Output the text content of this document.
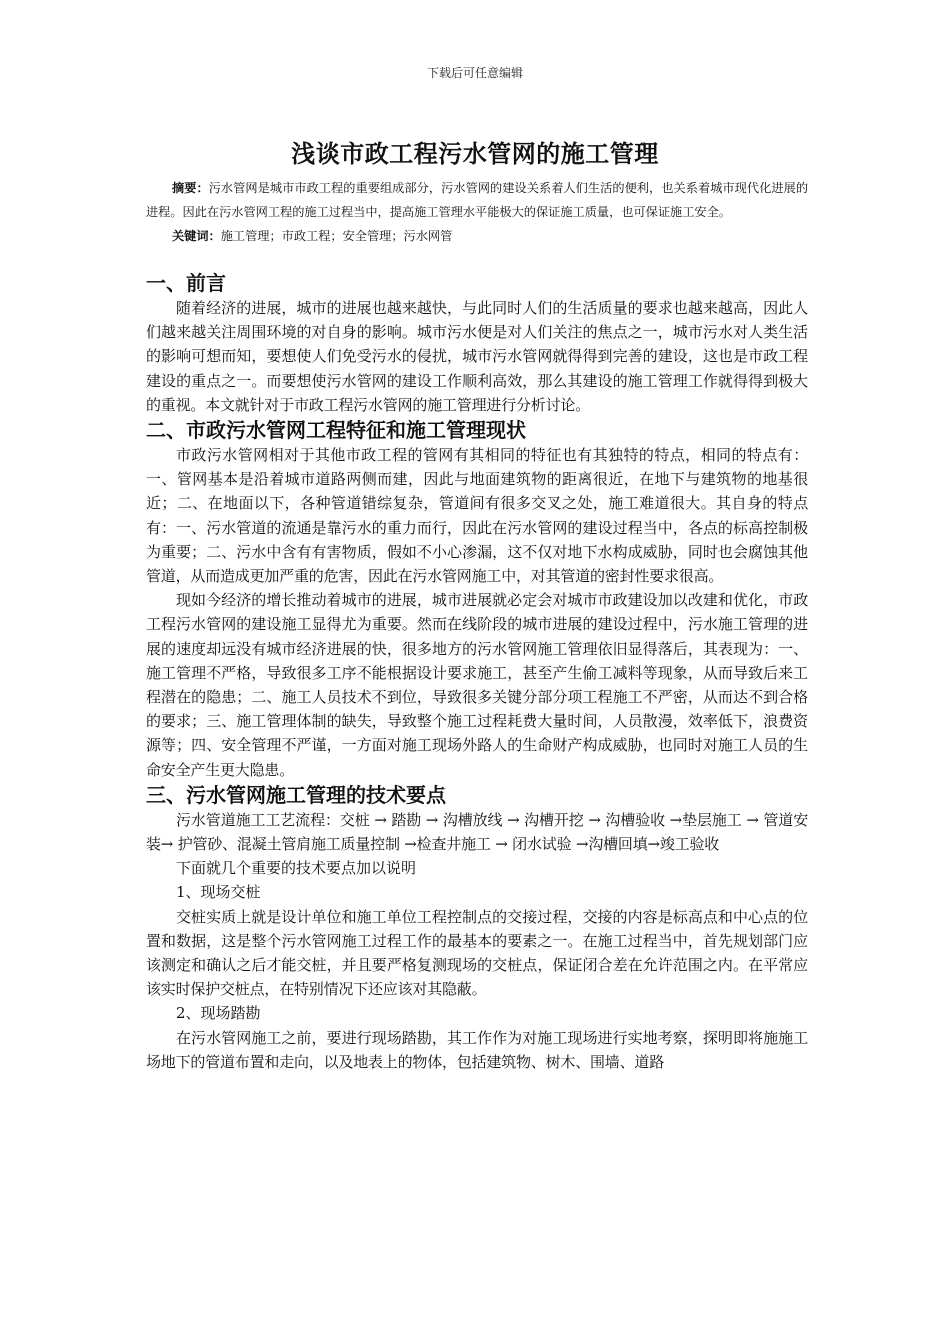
下载后可任意编辑
浅谈市政工程污水管网的施工管理

摘要：污水管网是城市市政工程的重要组成部分，污水管网的建设关系着人们生活的便利，也关系着城市现代化进展的进程。因此在污水管网工程的施工过程当中，提高施工管理水平能极大的保证施工质量，也可保证施工安全。

关键词：施工管理；市政工程；安全管理；污水网管

一、前言

随着经济的进展，城市的进展也越来越快，与此同时人们的生活质量的要求也越来越高，因此人们越来越关注周围环境的对自身的影响。城市污水便是对人们关注的焦点之一，城市污水对人类生活的影响可想而知，要想使人们免受污水的侵扰，城市污水管网就得得到完善的建设，这也是市政工程建设的重点之一。而要想使污水管网的建设工作顺利高效，那么其建设的施工管理工作就得得到极大的重视。本文就针对于市政工程污水管网的施工管理进行分析讨论。

二、市政污水管网工程特征和施工管理现状

市政污水管网相对于其他市政工程的管网有其相同的特征也有其独特的特点，相同的特点有：一、管网基本是沿着城市道路两侧而建，因此与地面建筑物的距离很近，在地下与建筑物的地基很近；二、在地面以下，各种管道错综复杂，管道间有很多交叉之处，施工难道很大。其自身的特点有：一、污水管道的流通是靠污水的重力而行，因此在污水管网的建设过程当中，各点的标高控制极为重要；二、污水中含有有害物质，假如不小心渗漏，这不仅对地下水构成威胁，同时也会腐蚀其他管道，从而造成更加严重的危害，因此在污水管网施工中，对其管道的密封性要求很高。

现如今经济的增长推动着城市的进展，城市进展就必定会对城市市政建设加以改建和优化，市政工程污水管网的建设施工显得尤为重要。然而在线阶段的城市进展的建设过程中，污水施工管理的进展的速度却远没有城市经济进展的快，很多地方的污水管网施工管理依旧显得落后，其表现为：一、施工管理不严格，导致很多工序不能根据设计要求施工，甚至产生偷工减料等现象，从而导致后来工程潜在的隐患；二、施工人员技术不到位，导致很多关键分部分项工程施工不严密，从而达不到合格的要求；三、施工管理体制的缺失，导致整个施工过程耗费大量时间，人员散漫，效率低下，浪费资源等；四、安全管理不严谨，一方面对施工现场外路人的生命财产构成威胁，也同时对施工人员的生命安全产生更大隐患。

三、污水管网施工管理的技术要点

污水管道施工工艺流程：交桩 → 踏勘 → 沟槽放线 → 沟槽开挖 → 沟槽验收 →垫层施工 → 管道安装→ 护管砂、混凝土管肩施工质量控制 →检查井施工 → 闭水试验 →沟槽回填→竣工验收

下面就几个重要的技术要点加以说明

1、现场交桩

交桩实质上就是设计单位和施工单位工程控制点的交接过程，交接的内容是标高点和中心点的位置和数据，这是整个污水管网施工过程工作的最基本的要素之一。在施工过程当中，首先规划部门应该测定和确认之后才能交桩，并且要严格复测现场的交桩点，保证闭合差在允许范围之内。在平常应该实时保护交桩点，在特别情况下还应该对其隐蔽。

2、现场踏勘

在污水管网施工之前，要进行现场踏勘，其工作作为对施工现场进行实地考察，探明即将施施工场地下的管道布置和走向，以及地表上的物体，包括建筑物、树木、围墙、道路
